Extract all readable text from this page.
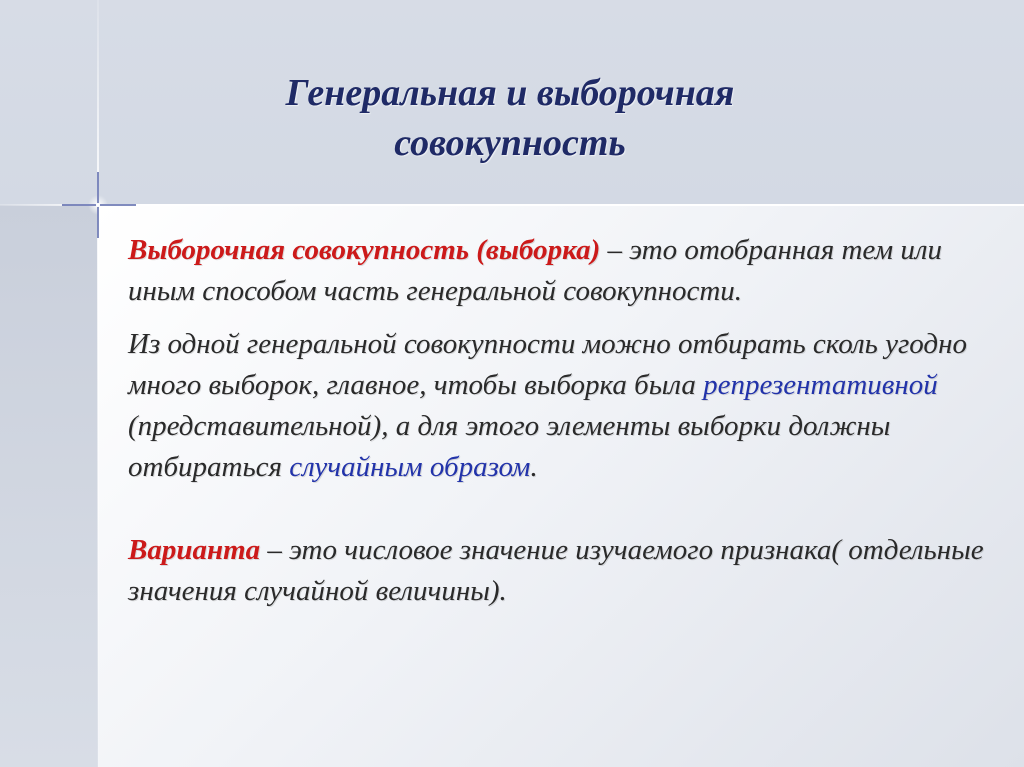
Генеральная и выборочная
совокупность

Выборочная совокупность (выборка) – это отобранная тем или иным способом часть генеральной совокупности.

Из одной генеральной совокупности можно отбирать сколь угодно много выборок, главное, чтобы выборка была репрезентативной (представительной), а для этого элементы выборки должны отбираться случайным образом.

Варианта – это числовое значение изучаемого признака( отдельные значения случайной величины).
